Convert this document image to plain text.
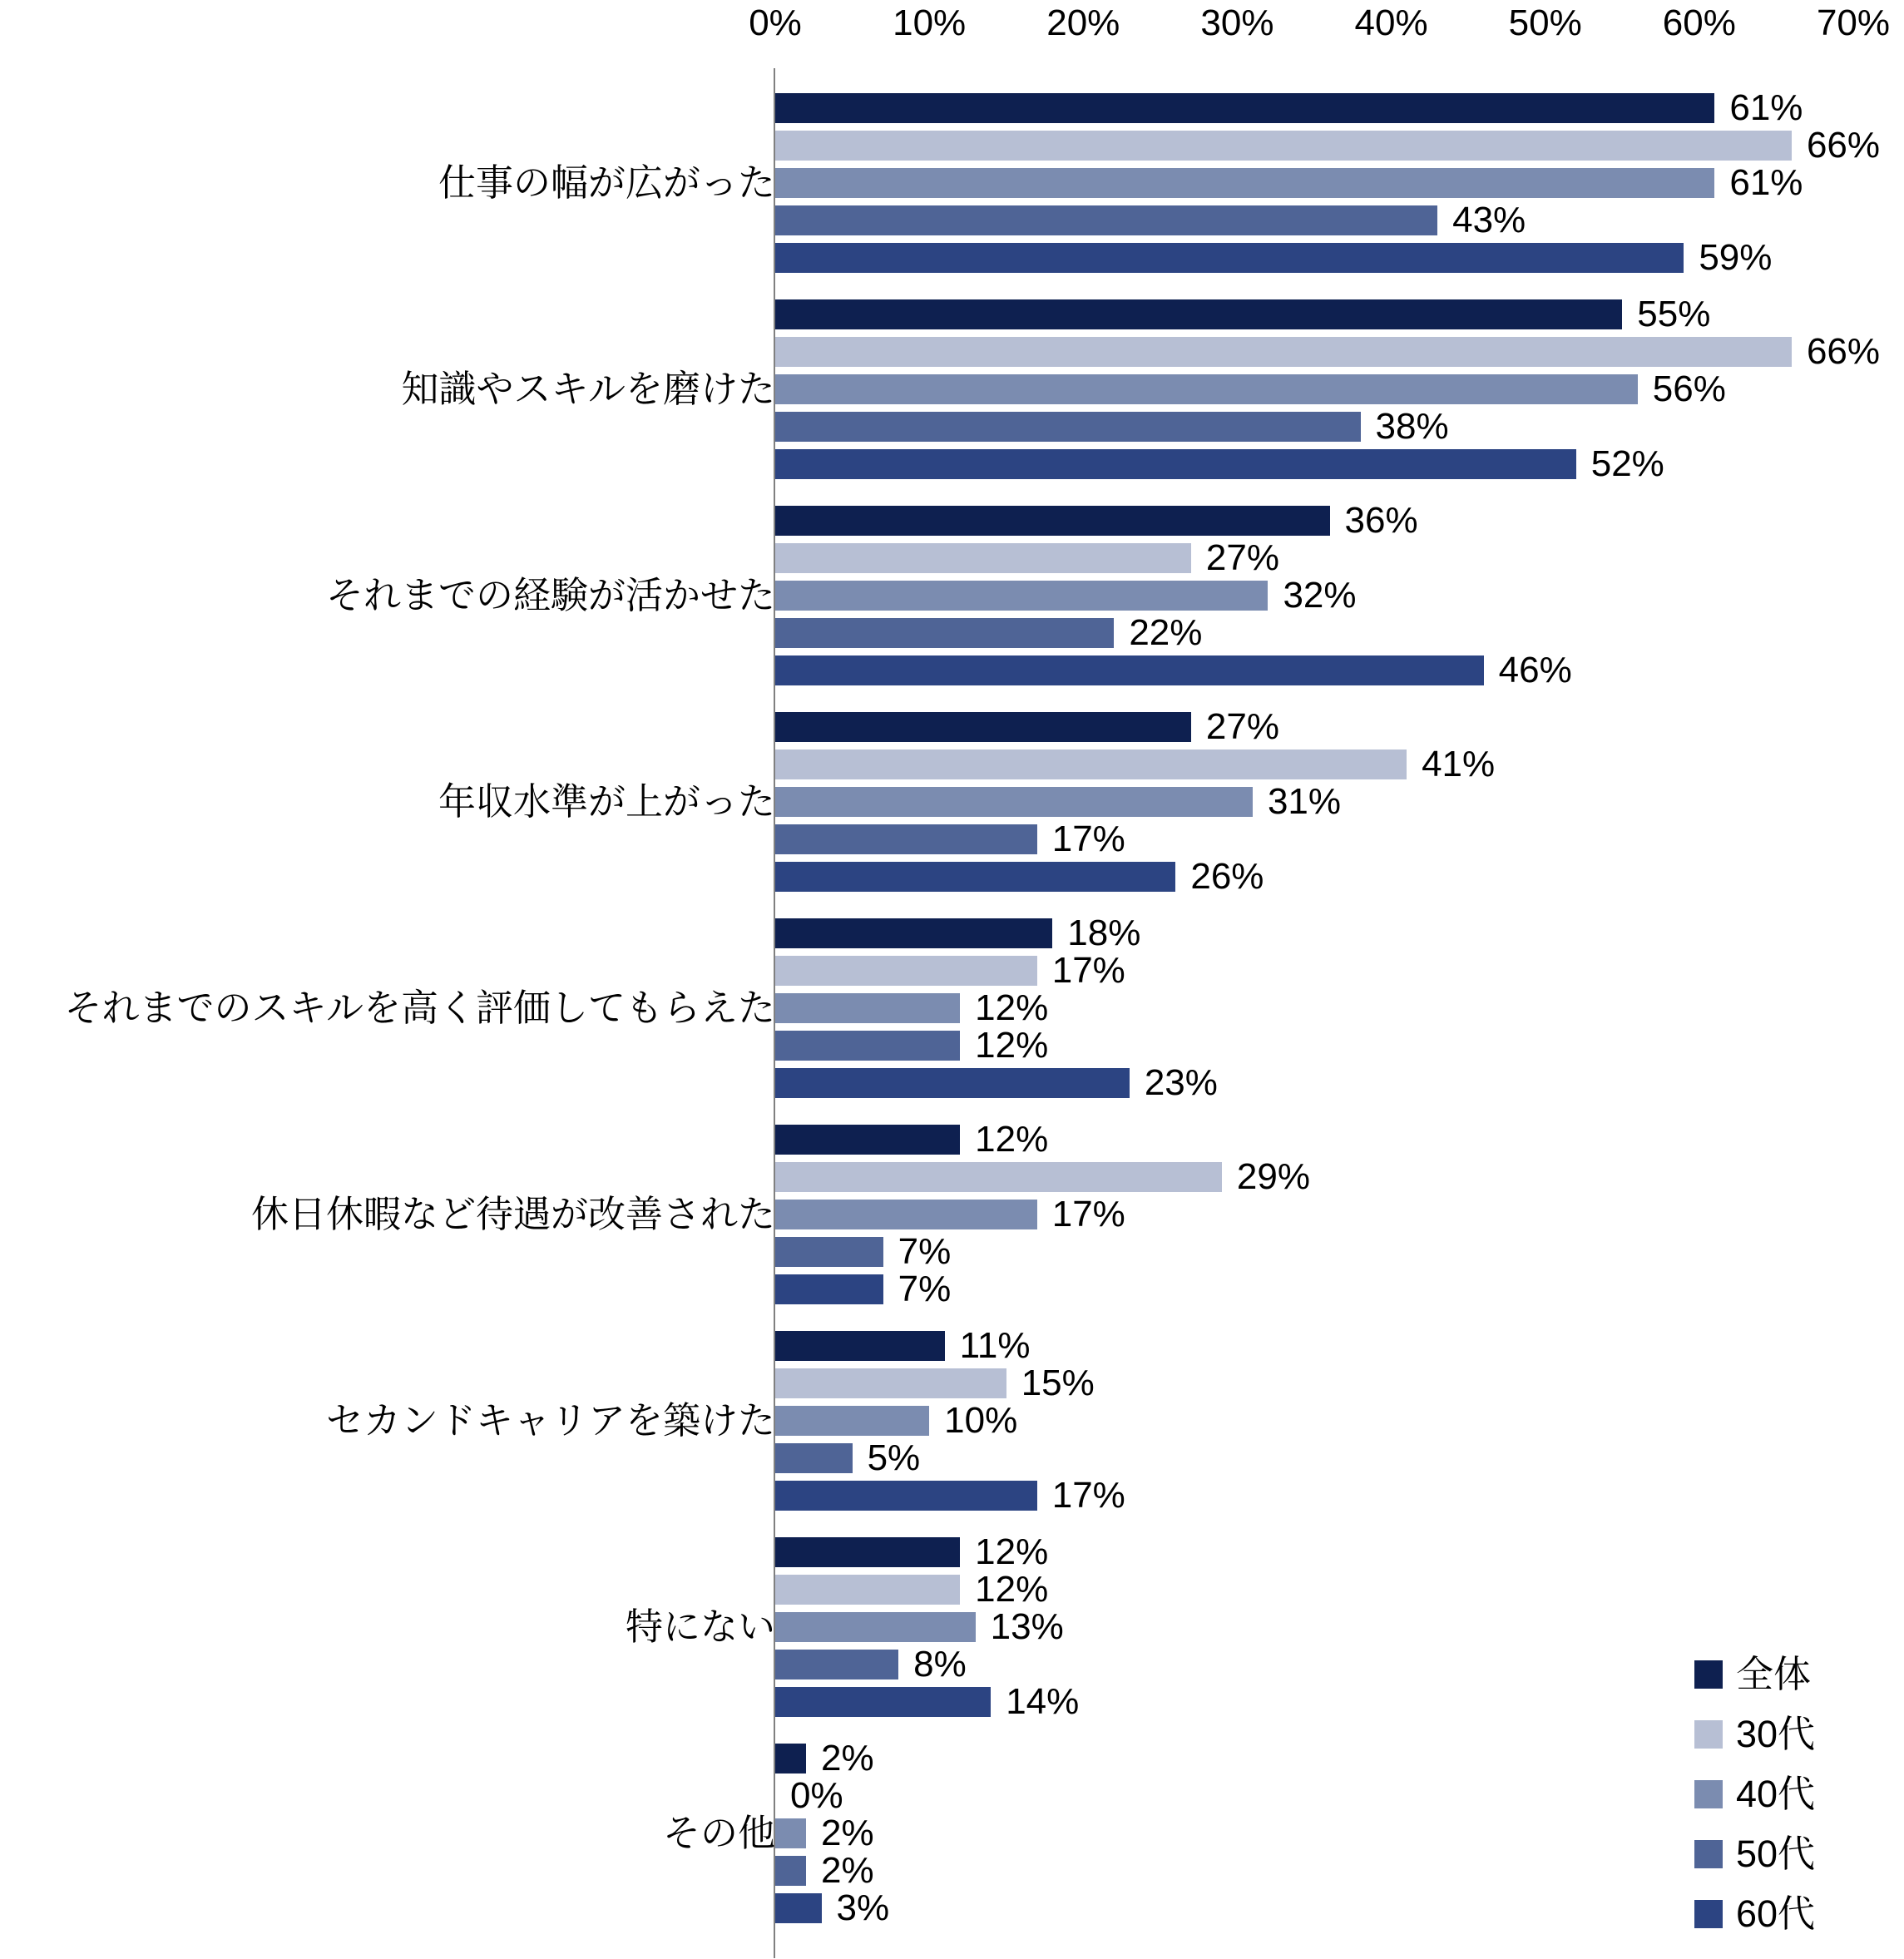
0% 10% 20% 30% 40% 50% 60% 70%
仕事の幅が広がった
61%
66%
61%
43%
59%
知識やスキルを磨けた
55%
66%
56%
38%
52%
それまでの経験が活かせた
36%
27%
32%
22%
46%
年収水準が上がった
27%
41%
31%
17%
26%
それまでのスキルを高く評価してもらえた
18%
17%
12%
12%
23%
休日休暇など待遇が改善された
12%
29%
17%
7%
7%
セカンドキャリアを築けた
11%
15%
10%
5%
17%
特にない
12%
12%
13%
8%
14%
その他
2%
0%
2%
2%
3%
全体
30代
40代
50代
60代
